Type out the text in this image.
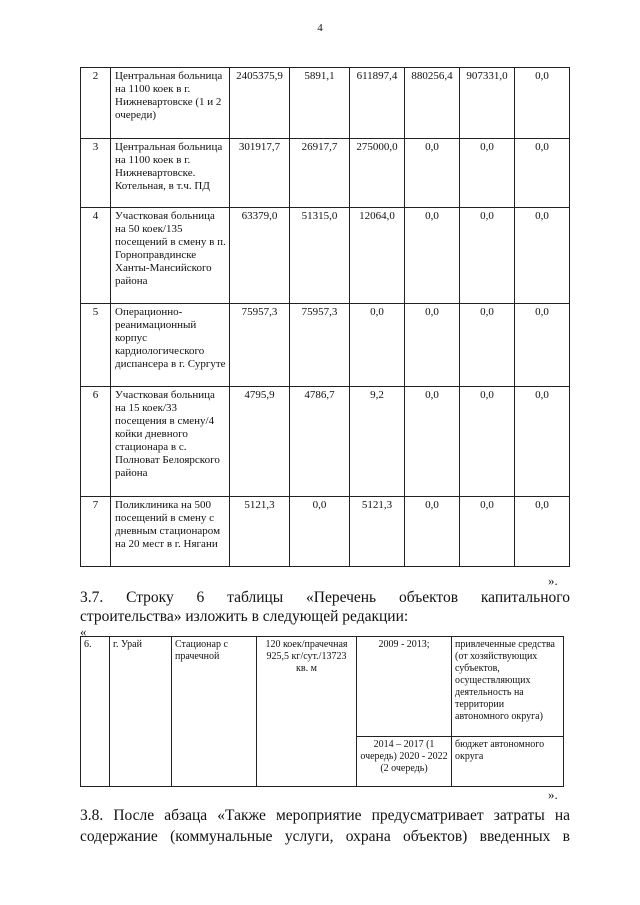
4
2	Центральная больница на 1100 коек в г. Нижневартовске (1 и 2 очереди)	2405375,9	5891,1	611897,4	880256,4	907331,0	0,0
3	Центральная больница на 1100 коек в г. Нижневартовске. Котельная, в т.ч. ПД	301917,7	26917,7	275000,0	0,0	0,0	0,0
4	Участковая больница на 50 коек/135 посещений в смену в п. Горноправдинске Ханты-Мансийского района	63379,0	51315,0	12064,0	0,0	0,0	0,0
5	Операционно-реанимационный корпус кардиологического диспансера в г. Сургуте	75957,3	75957,3	0,0	0,0	0,0	0,0
6	Участковая больница на 15 коек/33 посещения в смену/4 койки дневного стационара в с. Полноват Белоярского района	4795,9	4786,7	9,2	0,0	0,0	0,0
7	Поликлиника на 500 посещений в смену с дневным стационаром на 20 мест в г. Нягани	5121,3	0,0	5121,3	0,0	0,0	0,0
».
3.7. Строку 6 таблицы «Перечень объектов капитального
строительства» изложить в следующей редакции:
«
6.	г. Урай	Стационар с прачечной	120 коек/прачечная 925,5 кг/сут./13723 кв. м	2009 - 2013;	привлеченные средства (от хозяйствующих субъектов, осуществляющих деятельность на территории автономного округа)
				2014 – 2017 (1 очередь) 2020 - 2022 (2 очередь)	бюджет автономного округа
».
3.8. После абзаца «Также мероприятие предусматривает затраты на
содержание (коммунальные услуги, охрана объектов) введенных в
